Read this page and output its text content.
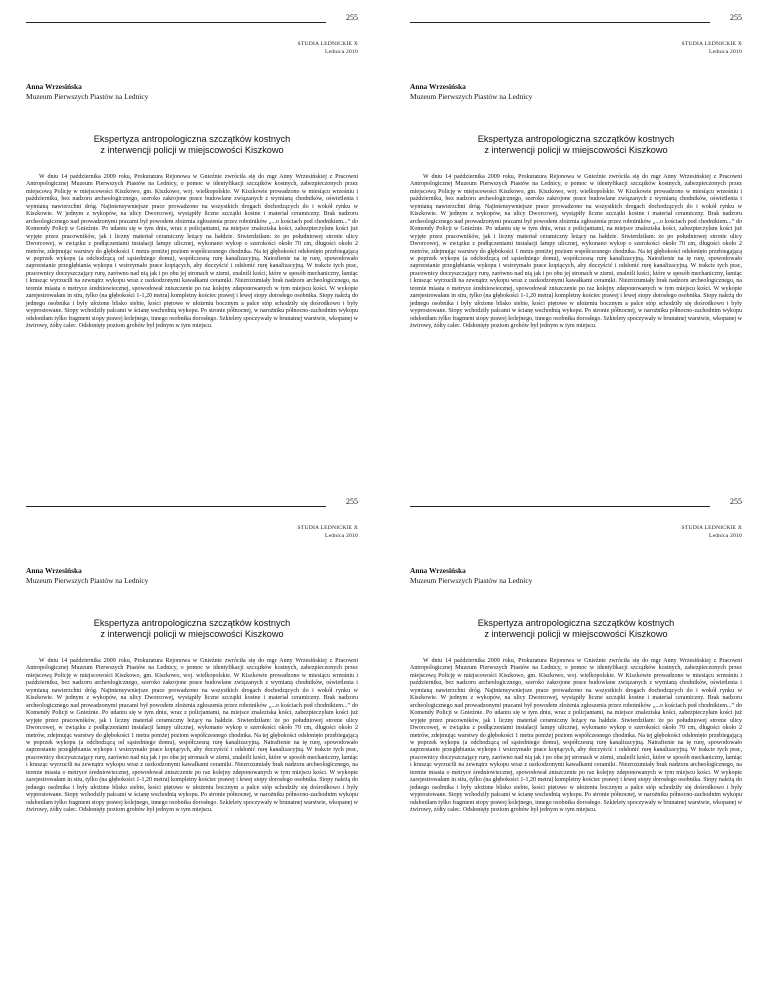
255
STUDIA LEDNICKIE X
Lednica 2010
Anna Wrzesińska
Muzeum Pierwszych Piastów na Lednicy
Ekspertyza antropologiczna szczątków kostnych
z interwencji policji w miejscowości Kiszkowo
W dniu 14 października 2009 roku, Prokuratura Rejonowa w Gnieźnie zwróciła się do mgr Anny Wrzesińskiej z Pracowni Antropologicznej Muzeum Pierwszych Piastów na Lednicy, o pomoc w identyfikacji szczątków kostnych, zabezpieczonych przez miejscową Policję w miejscowości Kiszkowo, gm. Kiszkowo, woj. wielkopolskie. W Kiszkowie prowadzono w miesiącu wrześniu i październiku, bez nadzoru archeologicznego, szeroko zakrojone prace budowlane związanych z wymianą chodników, oświetlenia i wymianą nawierzchni dróg. Najintensywniejsze prace prowadzono na wszystkich drogach dochodzących do i wokół rynku w Kiszkowie. W jednym z wykopów, na ulicy Dworcowej, wystąpiły liczne szczątki kostne i materiał ceramiczny. Brak nadzoru archeologicznego nad prowadzonymi pracami był powodem złożenia zgłoszenia przez robotników „...o kościach pod chodnikiem...” do Komendy Policji w Gnieźnie. Po udaniu się w tym dniu, wraz z policjantami, na miejsce znaleziska kości, zabezpieczyłam kości już wyjęte przez pracowników, jak i liczny materiał ceramiczny leżący na hałdzie. Stwierdziłam: że po południowej stronie ulicy Dworcowej, w związku z podłączeniami instalacji lampy ulicznej, wykonano wykop o szerokości około 70 cm, długości około 2 metrów, zdejmując warstwy do głębokości 1 metra poniżej poziom współczesnego chodnika. Na tej głębokości odsłonięto przebiegającą w poprzek wykopu (a odchodzącą od sąsiedniego domu), współczesną rurę kanalizacyjną. Natrafienie na tę rurę, spowodowało zaprzestanie przegłębiania wykopu i wstrzymało prace kopiących, aby doczyścić i odsłonić rurę kanalizacyjną. W trakcie tych prac, pracownicy doczyszczający rurę, zarówno nad nią jak i po obu jej stronach w ziemi, znaleźli kości, które w sposób mechaniczny, łamiąc i krusząc wyrzucili na zewnątrz wykopu wraz z uszkodzonymi kawałkami ceramiki. Niezrozumiały brak nadzoru archeologicznego, na terenie miasta o metryce średniowiecznej, spowodował zniszczenie po raz kolejny zdeponowanych w tym miejscu kości. W wykopie zarejestrowałam in situ, tylko (na głębokości 1-1,20 metra) kompletny kościec prawej i lewej stopy dorosłego osobnika. Stopy należą do jednego osobnika i były ułożone blisko siebie, kości piętowe w ułożeniu bocznym a palce stóp schodziły się dośrodkowo i były wyprostowane. Stopy wchodziły palcami w ścianę wschodnią wykopu. Po stronie północnej, w narożniku północno-zachodnim wykopu odsłoniłam tylko fragment stopy prawej kolejnego, innego osobnika dorosłego. Szkielety spoczywały w brunatnej warstwie, wkopanej w żwirowy, żółty calec. Odsłonięty poziom grobów był jednym w tym miejscu.
255
STUDIA LEDNICKIE X
Lednica 2010
Anna Wrzesińska
Muzeum Pierwszych Piastów na Lednicy
Ekspertyza antropologiczna szczątków kostnych
z interwencji policji w miejscowości Kiszkowo
W dniu 14 października 2009 roku, Prokuratura Rejonowa w Gnieźnie zwróciła się do mgr Anny Wrzesińskiej z Pracowni Antropologicznej Muzeum Pierwszych Piastów na Lednicy, o pomoc w identyfikacji szczątków kostnych, zabezpieczonych przez miejscową Policję w miejscowości Kiszkowo, gm. Kiszkowo, woj. wielkopolskie. W Kiszkowie prowadzono w miesiącu wrześniu i październiku, bez nadzoru archeologicznego, szeroko zakrojone prace budowlane związanych z wymianą chodników, oświetlenia i wymianą nawierzchni dróg. Najintensywniejsze prace prowadzono na wszystkich drogach dochodzących do i wokół rynku w Kiszkowie. W jednym z wykopów, na ulicy Dworcowej, wystąpiły liczne szczątki kostne i materiał ceramiczny. Brak nadzoru archeologicznego nad prowadzonymi pracami był powodem złożenia zgłoszenia przez robotników „...o kościach pod chodnikiem...” do Komendy Policji w Gnieźnie. Po udaniu się w tym dniu, wraz z policjantami, na miejsce znaleziska kości, zabezpieczyłam kości już wyjęte przez pracowników, jak i liczny materiał ceramiczny leżący na hałdzie. Stwierdziłam: że po południowej stronie ulicy Dworcowej, w związku z podłączeniami instalacji lampy ulicznej, wykonano wykop o szerokości około 70 cm, długości około 2 metrów, zdejmując warstwy do głębokości 1 metra poniżej poziom współczesnego chodnika. Na tej głębokości odsłonięto przebiegającą w poprzek wykopu (a odchodzącą od sąsiedniego domu), współczesną rurę kanalizacyjną. Natrafienie na tę rurę, spowodowało zaprzestanie przegłębiania wykopu i wstrzymało prace kopiących, aby doczyścić i odsłonić rurę kanalizacyjną. W trakcie tych prac, pracownicy doczyszczający rurę, zarówno nad nią jak i po obu jej stronach w ziemi, znaleźli kości, które w sposób mechaniczny, łamiąc i krusząc wyrzucili na zewnątrz wykopu wraz z uszkodzonymi kawałkami ceramiki. Niezrozumiały brak nadzoru archeologicznego, na terenie miasta o metryce średniowiecznej, spowodował zniszczenie po raz kolejny zdeponowanych w tym miejscu kości. W wykopie zarejestrowałam in situ, tylko (na głębokości 1-1,20 metra) kompletny kościec prawej i lewej stopy dorosłego osobnika. Stopy należą do jednego osobnika i były ułożone blisko siebie, kości piętowe w ułożeniu bocznym a palce stóp schodziły się dośrodkowo i były wyprostowane. Stopy wchodziły palcami w ścianę wschodnią wykopu. Po stronie północnej, w narożniku północno-zachodnim wykopu odsłoniłam tylko fragment stopy prawej kolejnego, innego osobnika dorosłego. Szkielety spoczywały w brunatnej warstwie, wkopanej w żwirowy, żółty calec. Odsłonięty poziom grobów był jednym w tym miejscu.
255
STUDIA LEDNICKIE X
Lednica 2010
Anna Wrzesińska
Muzeum Pierwszych Piastów na Lednicy
Ekspertyza antropologiczna szczątków kostnych
z interwencji policji w miejscowości Kiszkowo
W dniu 14 października 2009 roku, Prokuratura Rejonowa w Gnieźnie zwróciła się do mgr Anny Wrzesińskiej z Pracowni Antropologicznej Muzeum Pierwszych Piastów na Lednicy, o pomoc w identyfikacji szczątków kostnych, zabezpieczonych przez miejscową Policję w miejscowości Kiszkowo, gm. Kiszkowo, woj. wielkopolskie. W Kiszkowie prowadzono w miesiącu wrześniu i październiku, bez nadzoru archeologicznego, szeroko zakrojone prace budowlane związanych z wymianą chodników, oświetlenia i wymianą nawierzchni dróg. Najintensywniejsze prace prowadzono na wszystkich drogach dochodzących do i wokół rynku w Kiszkowie. W jednym z wykopów, na ulicy Dworcowej, wystąpiły liczne szczątki kostne i materiał ceramiczny. Brak nadzoru archeologicznego nad prowadzonymi pracami był powodem złożenia zgłoszenia przez robotników „...o kościach pod chodnikiem...” do Komendy Policji w Gnieźnie. Po udaniu się w tym dniu, wraz z policjantami, na miejsce znaleziska kości, zabezpieczyłam kości już wyjęte przez pracowników, jak i liczny materiał ceramiczny leżący na hałdzie. Stwierdziłam: że po południowej stronie ulicy Dworcowej, w związku z podłączeniami instalacji lampy ulicznej, wykonano wykop o szerokości około 70 cm, długości około 2 metrów, zdejmując warstwy do głębokości 1 metra poniżej poziom współczesnego chodnika. Na tej głębokości odsłonięto przebiegającą w poprzek wykopu (a odchodzącą od sąsiedniego domu), współczesną rurę kanalizacyjną. Natrafienie na tę rurę, spowodowało zaprzestanie przegłębiania wykopu i wstrzymało prace kopiących, aby doczyścić i odsłonić rurę kanalizacyjną. W trakcie tych prac, pracownicy doczyszczający rurę, zarówno nad nią jak i po obu jej stronach w ziemi, znaleźli kości, które w sposób mechaniczny, łamiąc i krusząc wyrzucili na zewnątrz wykopu wraz z uszkodzonymi kawałkami ceramiki. Niezrozumiały brak nadzoru archeologicznego, na terenie miasta o metryce średniowiecznej, spowodował zniszczenie po raz kolejny zdeponowanych w tym miejscu kości. W wykopie zarejestrowałam in situ, tylko (na głębokości 1-1,20 metra) kompletny kościec prawej i lewej stopy dorosłego osobnika. Stopy należą do jednego osobnika i były ułożone blisko siebie, kości piętowe w ułożeniu bocznym a palce stóp schodziły się dośrodkowo i były wyprostowane. Stopy wchodziły palcami w ścianę wschodnią wykopu. Po stronie północnej, w narożniku północno-zachodnim wykopu odsłoniłam tylko fragment stopy prawej kolejnego, innego osobnika dorosłego. Szkielety spoczywały w brunatnej warstwie, wkopanej w żwirowy, żółty calec. Odsłonięty poziom grobów był jednym w tym miejscu.
255
STUDIA LEDNICKIE X
Lednica 2010
Anna Wrzesińska
Muzeum Pierwszych Piastów na Lednicy
Ekspertyza antropologiczna szczątków kostnych
z interwencji policji w miejscowości Kiszkowo
W dniu 14 października 2009 roku, Prokuratura Rejonowa w Gnieźnie zwróciła się do mgr Anny Wrzesińskiej z Pracowni Antropologicznej Muzeum Pierwszych Piastów na Lednicy, o pomoc w identyfikacji szczątków kostnych, zabezpieczonych przez miejscową Policję w miejscowości Kiszkowo, gm. Kiszkowo, woj. wielkopolskie. W Kiszkowie prowadzono w miesiącu wrześniu i październiku, bez nadzoru archeologicznego, szeroko zakrojone prace budowlane związanych z wymianą chodników, oświetlenia i wymianą nawierzchni dróg. Najintensywniejsze prace prowadzono na wszystkich drogach dochodzących do i wokół rynku w Kiszkowie. W jednym z wykopów, na ulicy Dworcowej, wystąpiły liczne szczątki kostne i materiał ceramiczny. Brak nadzoru archeologicznego nad prowadzonymi pracami był powodem złożenia zgłoszenia przez robotników „...o kościach pod chodnikiem...” do Komendy Policji w Gnieźnie. Po udaniu się w tym dniu, wraz z policjantami, na miejsce znaleziska kości, zabezpieczyłam kości już wyjęte przez pracowników, jak i liczny materiał ceramiczny leżący na hałdzie. Stwierdziłam: że po południowej stronie ulicy Dworcowej, w związku z podłączeniami instalacji lampy ulicznej, wykonano wykop o szerokości około 70 cm, długości około 2 metrów, zdejmując warstwy do głębokości 1 metra poniżej poziom współczesnego chodnika. Na tej głębokości odsłonięto przebiegającą w poprzek wykopu (a odchodzącą od sąsiedniego domu), współczesną rurę kanalizacyjną. Natrafienie na tę rurę, spowodowało zaprzestanie przegłębiania wykopu i wstrzymało prace kopiących, aby doczyścić i odsłonić rurę kanalizacyjną. W trakcie tych prac, pracownicy doczyszczający rurę, zarówno nad nią jak i po obu jej stronach w ziemi, znaleźli kości, które w sposób mechaniczny, łamiąc i krusząc wyrzucili na zewnątrz wykopu wraz z uszkodzonymi kawałkami ceramiki. Niezrozumiały brak nadzoru archeologicznego, na terenie miasta o metryce średniowiecznej, spowodował zniszczenie po raz kolejny zdeponowanych w tym miejscu kości. W wykopie zarejestrowałam in situ, tylko (na głębokości 1-1,20 metra) kompletny kościec prawej i lewej stopy dorosłego osobnika. Stopy należą do jednego osobnika i były ułożone blisko siebie, kości piętowe w ułożeniu bocznym a palce stóp schodziły się dośrodkowo i były wyprostowane. Stopy wchodziły palcami w ścianę wschodnią wykopu. Po stronie północnej, w narożniku północno-zachodnim wykopu odsłoniłam tylko fragment stopy prawej kolejnego, innego osobnika dorosłego. Szkielety spoczywały w brunatnej warstwie, wkopanej w żwirowy, żółty calec. Odsłonięty poziom grobów był jednym w tym miejscu.
